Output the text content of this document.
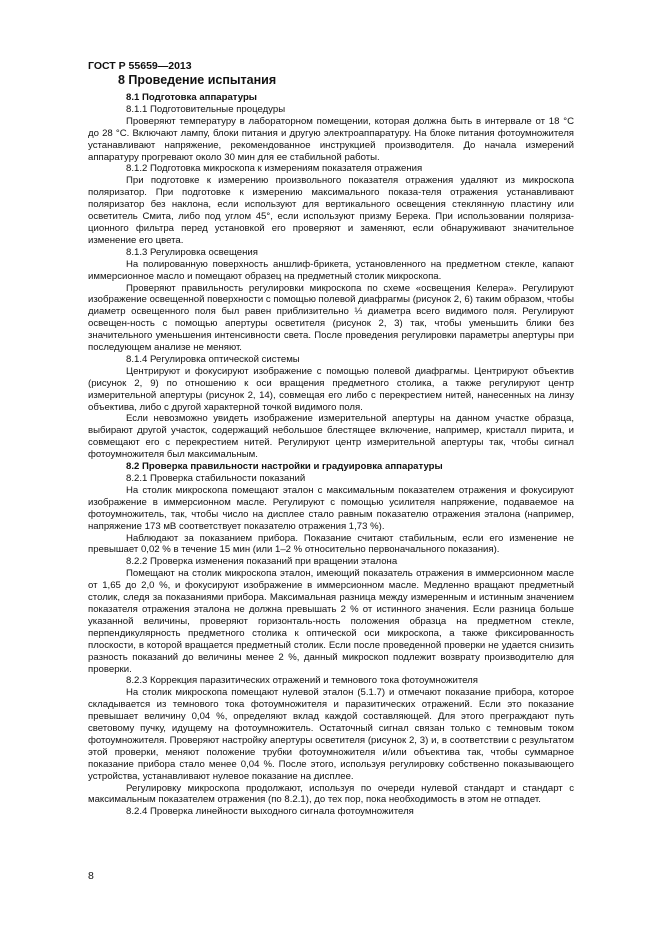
ГОСТ Р 55659—2013
8 Проведение испытания

8.1 Подготовка аппаратуры

8.1.1 Подготовительные процедуры

Проверяют температуру в лабораторном помещении, которая должна быть в интервале от 18 °С до 28 °С. Включают лампу, блоки питания и другую электроаппаратуру. На блоке питания фотоумножителя устанавливают напряжение, рекомендованное инструкцией производителя. До начала измерений аппаратуру прогревают около 30 мин для ее стабильной работы.

8.1.2 Подготовка микроскопа к измерениям показателя отражения

При подготовке к измерению произвольного показателя отражения удаляют из микроскопа поляризатор. При подготовке к измерению максимального показа-теля отражения устанавливают поляризатор без наклона, если используют для вертикального освещения стеклянную пластину или осветитель Смита, либо под углом 45°, если используют призму Берека. При использовании поляриза-ционного фильтра перед установкой его проверяют и заменяют, если обнаруживают значительное изменение его цвета.

8.1.3 Регулировка освещения

На полированную поверхность аншлиф-брикета, установленного на предметном стекле, капают иммерсионное масло и помещают образец на предметный столик микроскопа.

Проверяют правильность регулировки микроскопа по схеме «освещения Келера». Регулируют изображение освещенной поверхности с помощью полевой диафрагмы (рисунок 2, 6) таким образом, чтобы диаметр освещенного поля был равен приблизительно ⅓ диаметра всего видимого поля. Регулируют освещен-ность с помощью апертуры осветителя (рисунок 2, 3) так, чтобы уменьшить блики без значительного уменьшения интенсивности света. После проведения регулировки параметры апертуры при последующем анализе не меняют.

8.1.4 Регулировка оптической системы

Центрируют и фокусируют изображение с помощью полевой диафрагмы. Центрируют объектив (рисунок 2, 9) по отношению к оси вращения предметного столика, а также регулируют центр измерительной апертуры (рисунок 2, 14), совмещая его либо с перекрестием нитей, нанесенных на линзу объектива, либо с другой характерной точкой видимого поля.

Если невозможно увидеть изображение измерительной апертуры на данном участке образца, выбирают другой участок, содержащий небольшое блестящее включение, например, кристалл пирита, и совмещают его с перекрестием нитей. Регулируют центр измерительной апертуры так, чтобы сигнал фотоумножителя был максимальным.

8.2 Проверка правильности настройки и градуировка аппаратуры

8.2.1 Проверка стабильности показаний

На столик микроскопа помещают эталон с максимальным показателем отражения и фокусируют изображение в иммерсионном масле. Регулируют с помощью усилителя напряжение, подаваемое на фотоумножитель, так, чтобы число на дисплее стало равным показателю отражения эталона (например, напряжение 173 мВ соответствует показателю отражения 1,73 %).

Наблюдают за показанием прибора. Показание считают стабильным, если его изменение не превышает 0,02 % в течение 15 мин (или 1–2 % относительно первоначального показания).

8.2.2 Проверка изменения показаний при вращении эталона

Помещают на столик микроскопа эталон, имеющий показатель отражения в иммерсионном масле от 1,65 до 2,0 %, и фокусируют изображение в иммерсионном масле. Медленно вращают предметный столик, следя за показаниями прибора. Максимальная разница между измеренным и истинным значением показателя отражения эталона не должна превышать 2 % от истинного значения. Если разница больше указанной величины, проверяют горизонталь-ность положения образца на предметном стекле, перпендикулярность предметного столика к оптической оси микроскопа, а также фиксированность плоскости, в которой вращается предметный столик. Если после проведенной проверки не удается снизить разность показаний до величины менее 2 %, данный микроскоп подлежит возврату производителю для проверки.

8.2.3 Коррекция паразитических отражений и темнового тока фотоумножителя

На столик микроскопа помещают нулевой эталон (5.1.7) и отмечают показание прибора, которое складывается из темнового тока фотоумножителя и паразитических отражений. Если это показание превышает величину 0,04 %, определяют вклад каждой составляющей. Для этого преграждают путь световому пучку, идущему на фотоумножитель. Остаточный сигнал связан только с темновым током фотоумножителя. Проверяют настройку апертуры осветителя (рисунок 2, 3) и, в соответствии с результатом этой проверки, меняют положение трубки фотоумножителя и/или объектива так, чтобы суммарное показание прибора стало менее 0,04 %. После этого, используя регулировку собственно показывающего устройства, устанавливают нулевое показание на дисплее.

Регулировку микроскопа продолжают, используя по очереди нулевой стандарт и стандарт с максимальным показателем отражения (по 8.2.1), до тех пор, пока необходимость в этом не отпадет.

8.2.4 Проверка линейности выходного сигнала фотоумножителя

8
